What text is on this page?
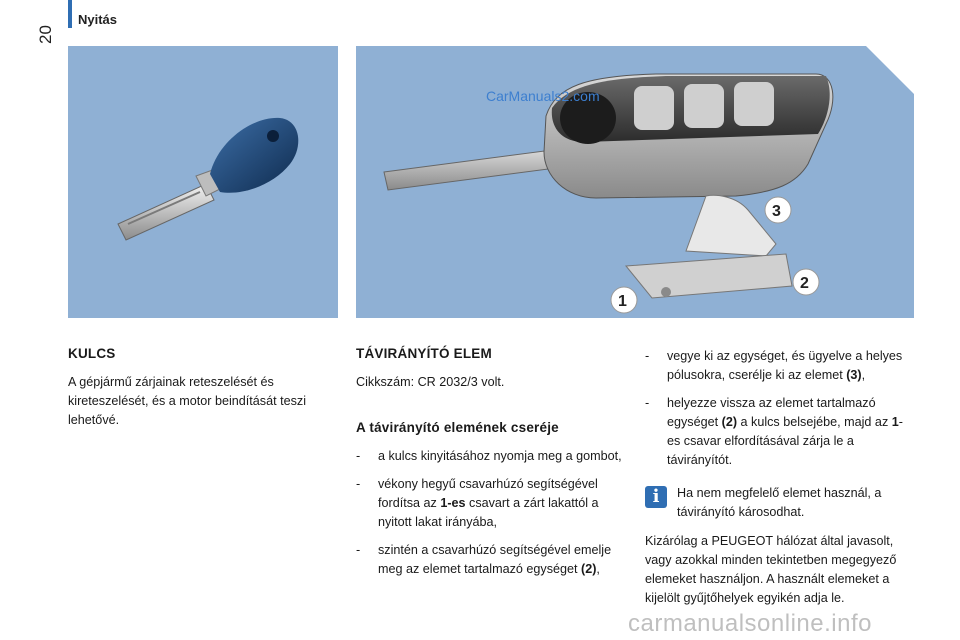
20
Nyitás
3
2
1
CarManuals2.com
KULCS

A gépjármű zárjainak reteszelését és kireteszelését, és a motor beindítását teszi lehetővé.

TÁVIRÁNYÍTÓ ELEM

Cikkszám: CR 2032/3 volt.

A távirányító elemének cseréje
- a kulcs kinyitásához nyomja meg a gombot,
- vékony hegyű csavarhúzó segítségével fordítsa az 1-es csavart a zárt lakattól a nyitott lakat irányába,
- szintén a csavarhúzó segítségével emelje meg az elemet tartalmazó egységet (2),
- vegye ki az egységet, és ügyelve a helyes pólusokra, cserélje ki az elemet (3),
- helyezze vissza az elemet tartalmazó egységet (2) a kulcs belsejébe, majd az 1-es csavar elfordításával zárja le a távirányítót.
i	Ha nem megfelelő elemet használ, a távirányító károsodhat.

Kizárólag a PEUGEOT hálózat által javasolt, vagy azokkal minden tekintetben megegyező elemeket használjon. A használt elemeket a kijelölt gyűjtőhelyek egyikén adja le.

carmanualsonline.info
